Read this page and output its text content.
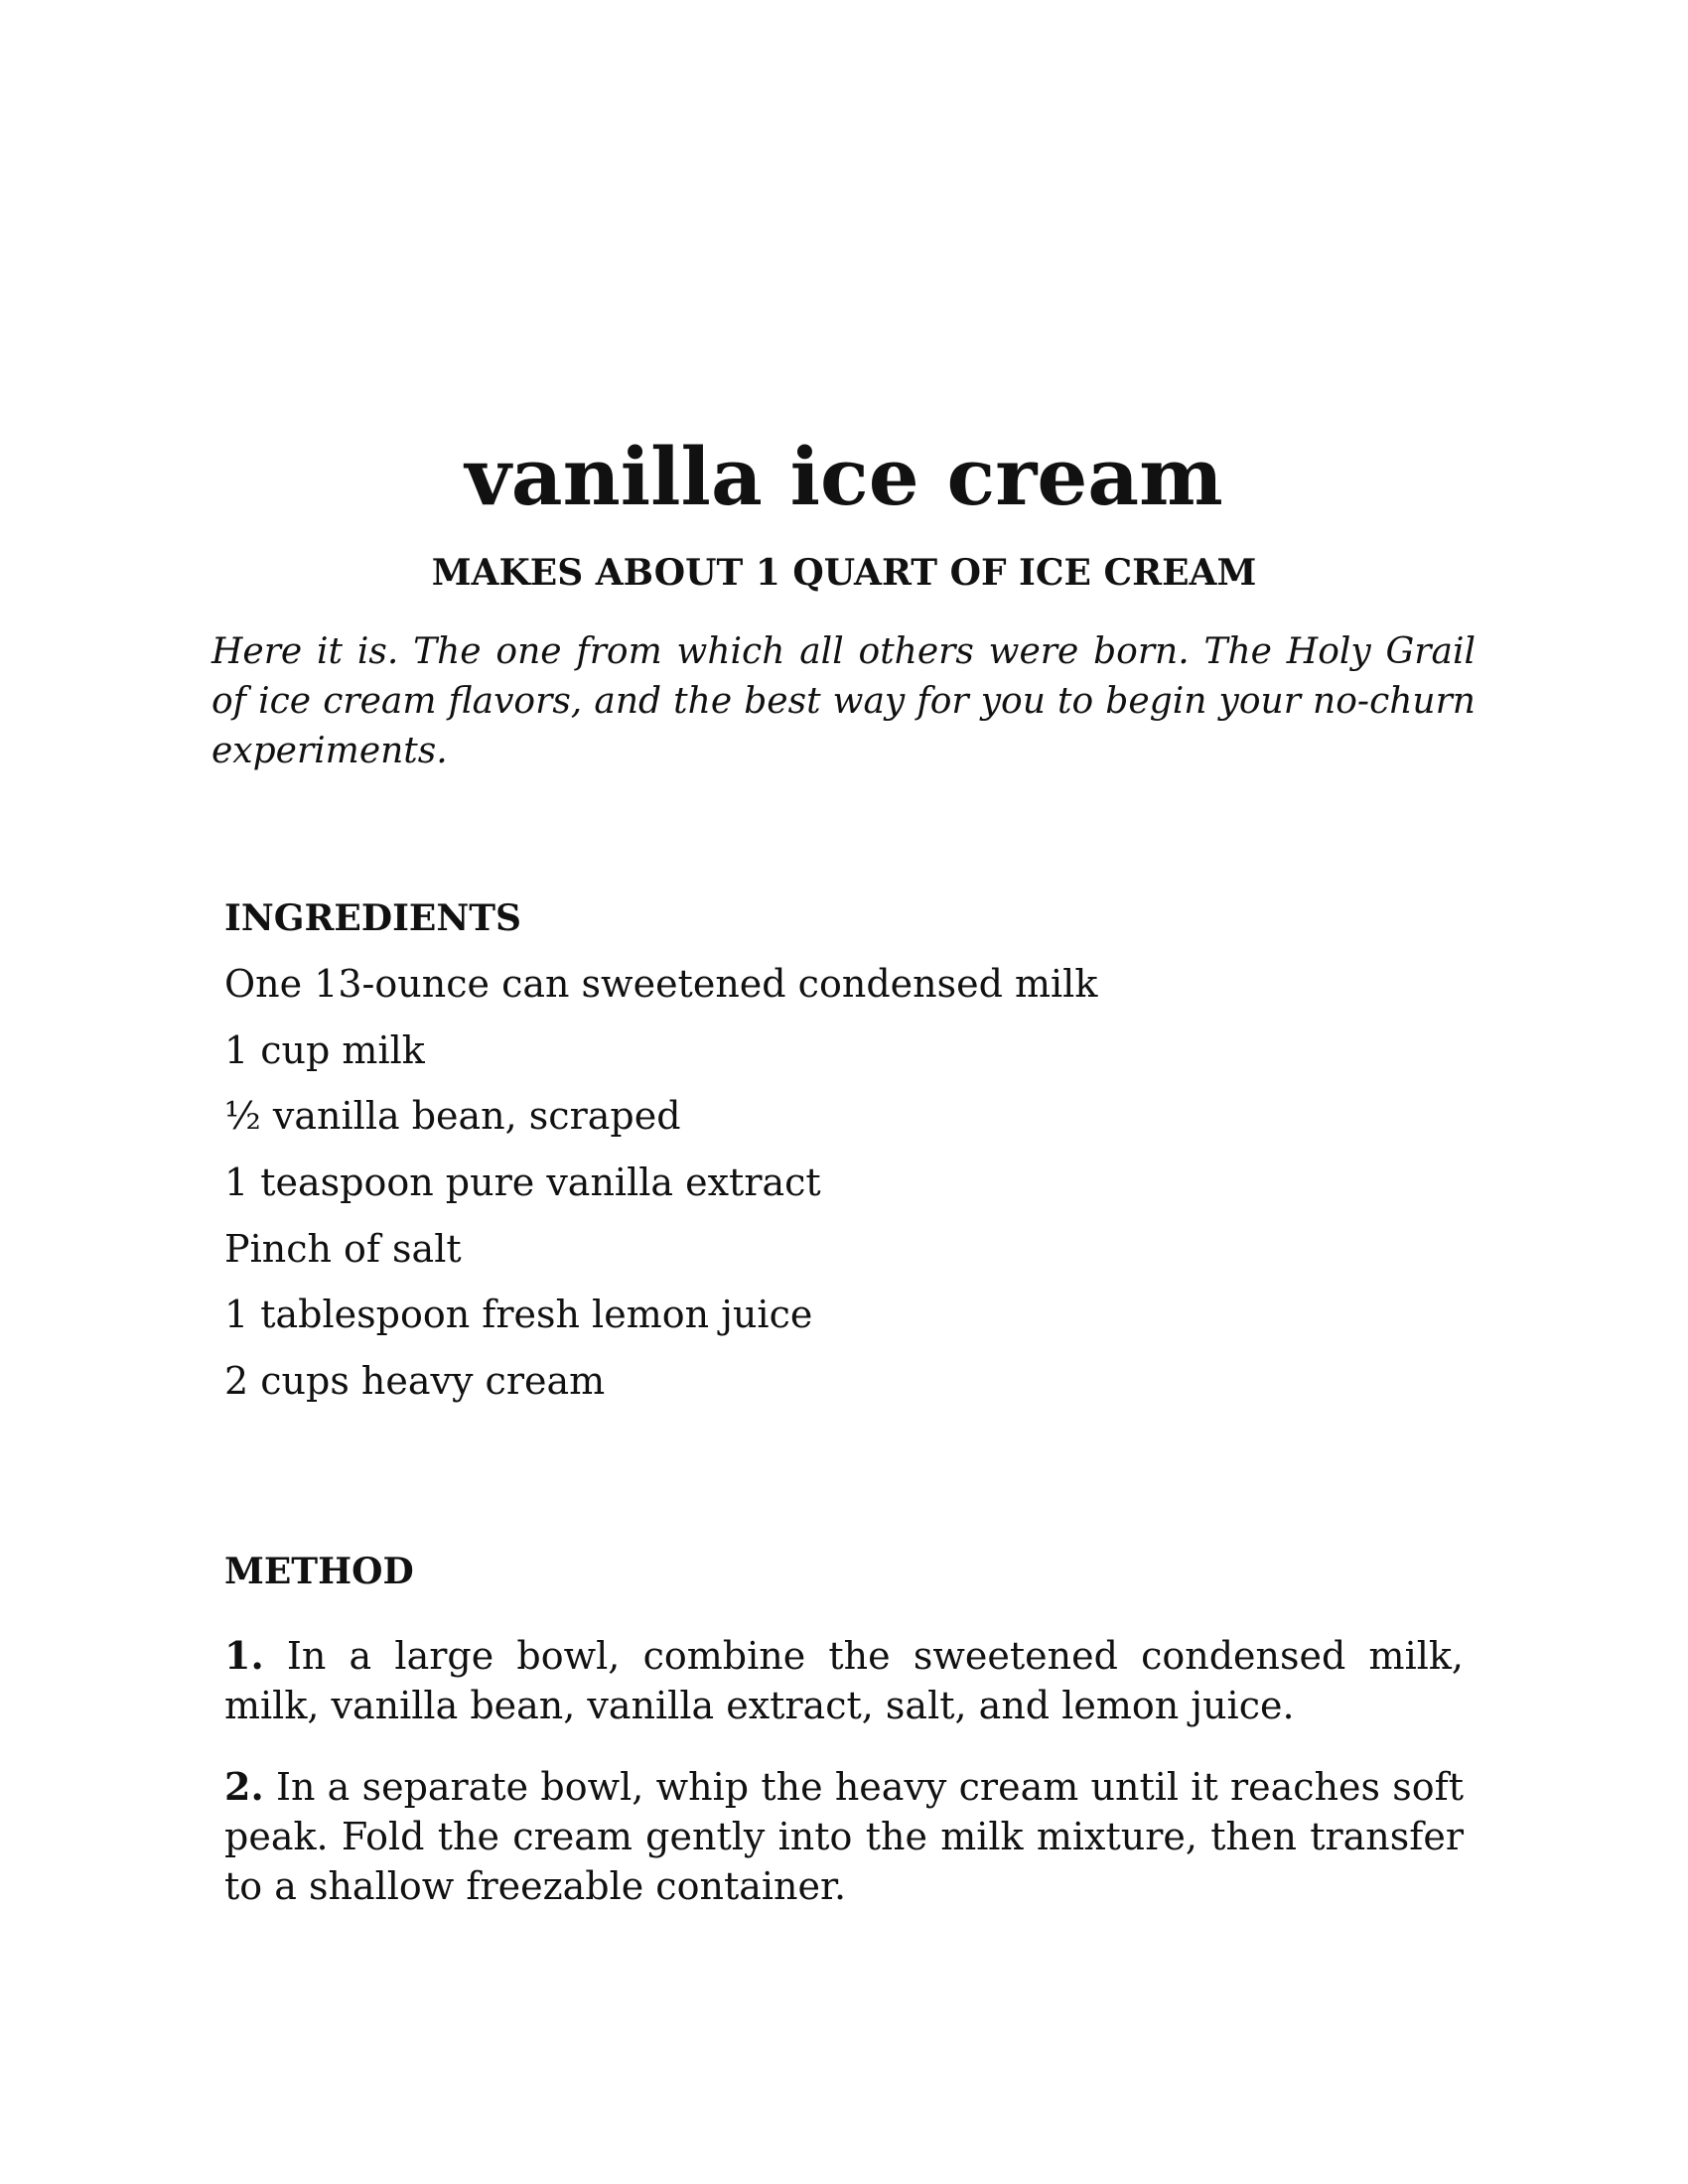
vanilla ice cream
MAKES ABOUT 1 QUART OF ICE CREAM

Here it is. The one from which all others were born. The Holy Grail of ice cream flavors, and the best way for you to begin your no-churn experiments.

INGREDIENTS
One 13-ounce can sweetened condensed milk
1 cup milk
½ vanilla bean, scraped
1 teaspoon pure vanilla extract
Pinch of salt
1 tablespoon fresh lemon juice
2 cups heavy cream
METHOD

1. In a large bowl, combine the sweetened condensed milk, milk, vanilla bean, vanilla extract, salt, and lemon juice.

2. In a separate bowl, whip the heavy cream until it reaches soft peak. Fold the cream gently into the milk mixture, then transfer to a shallow freezable container.
